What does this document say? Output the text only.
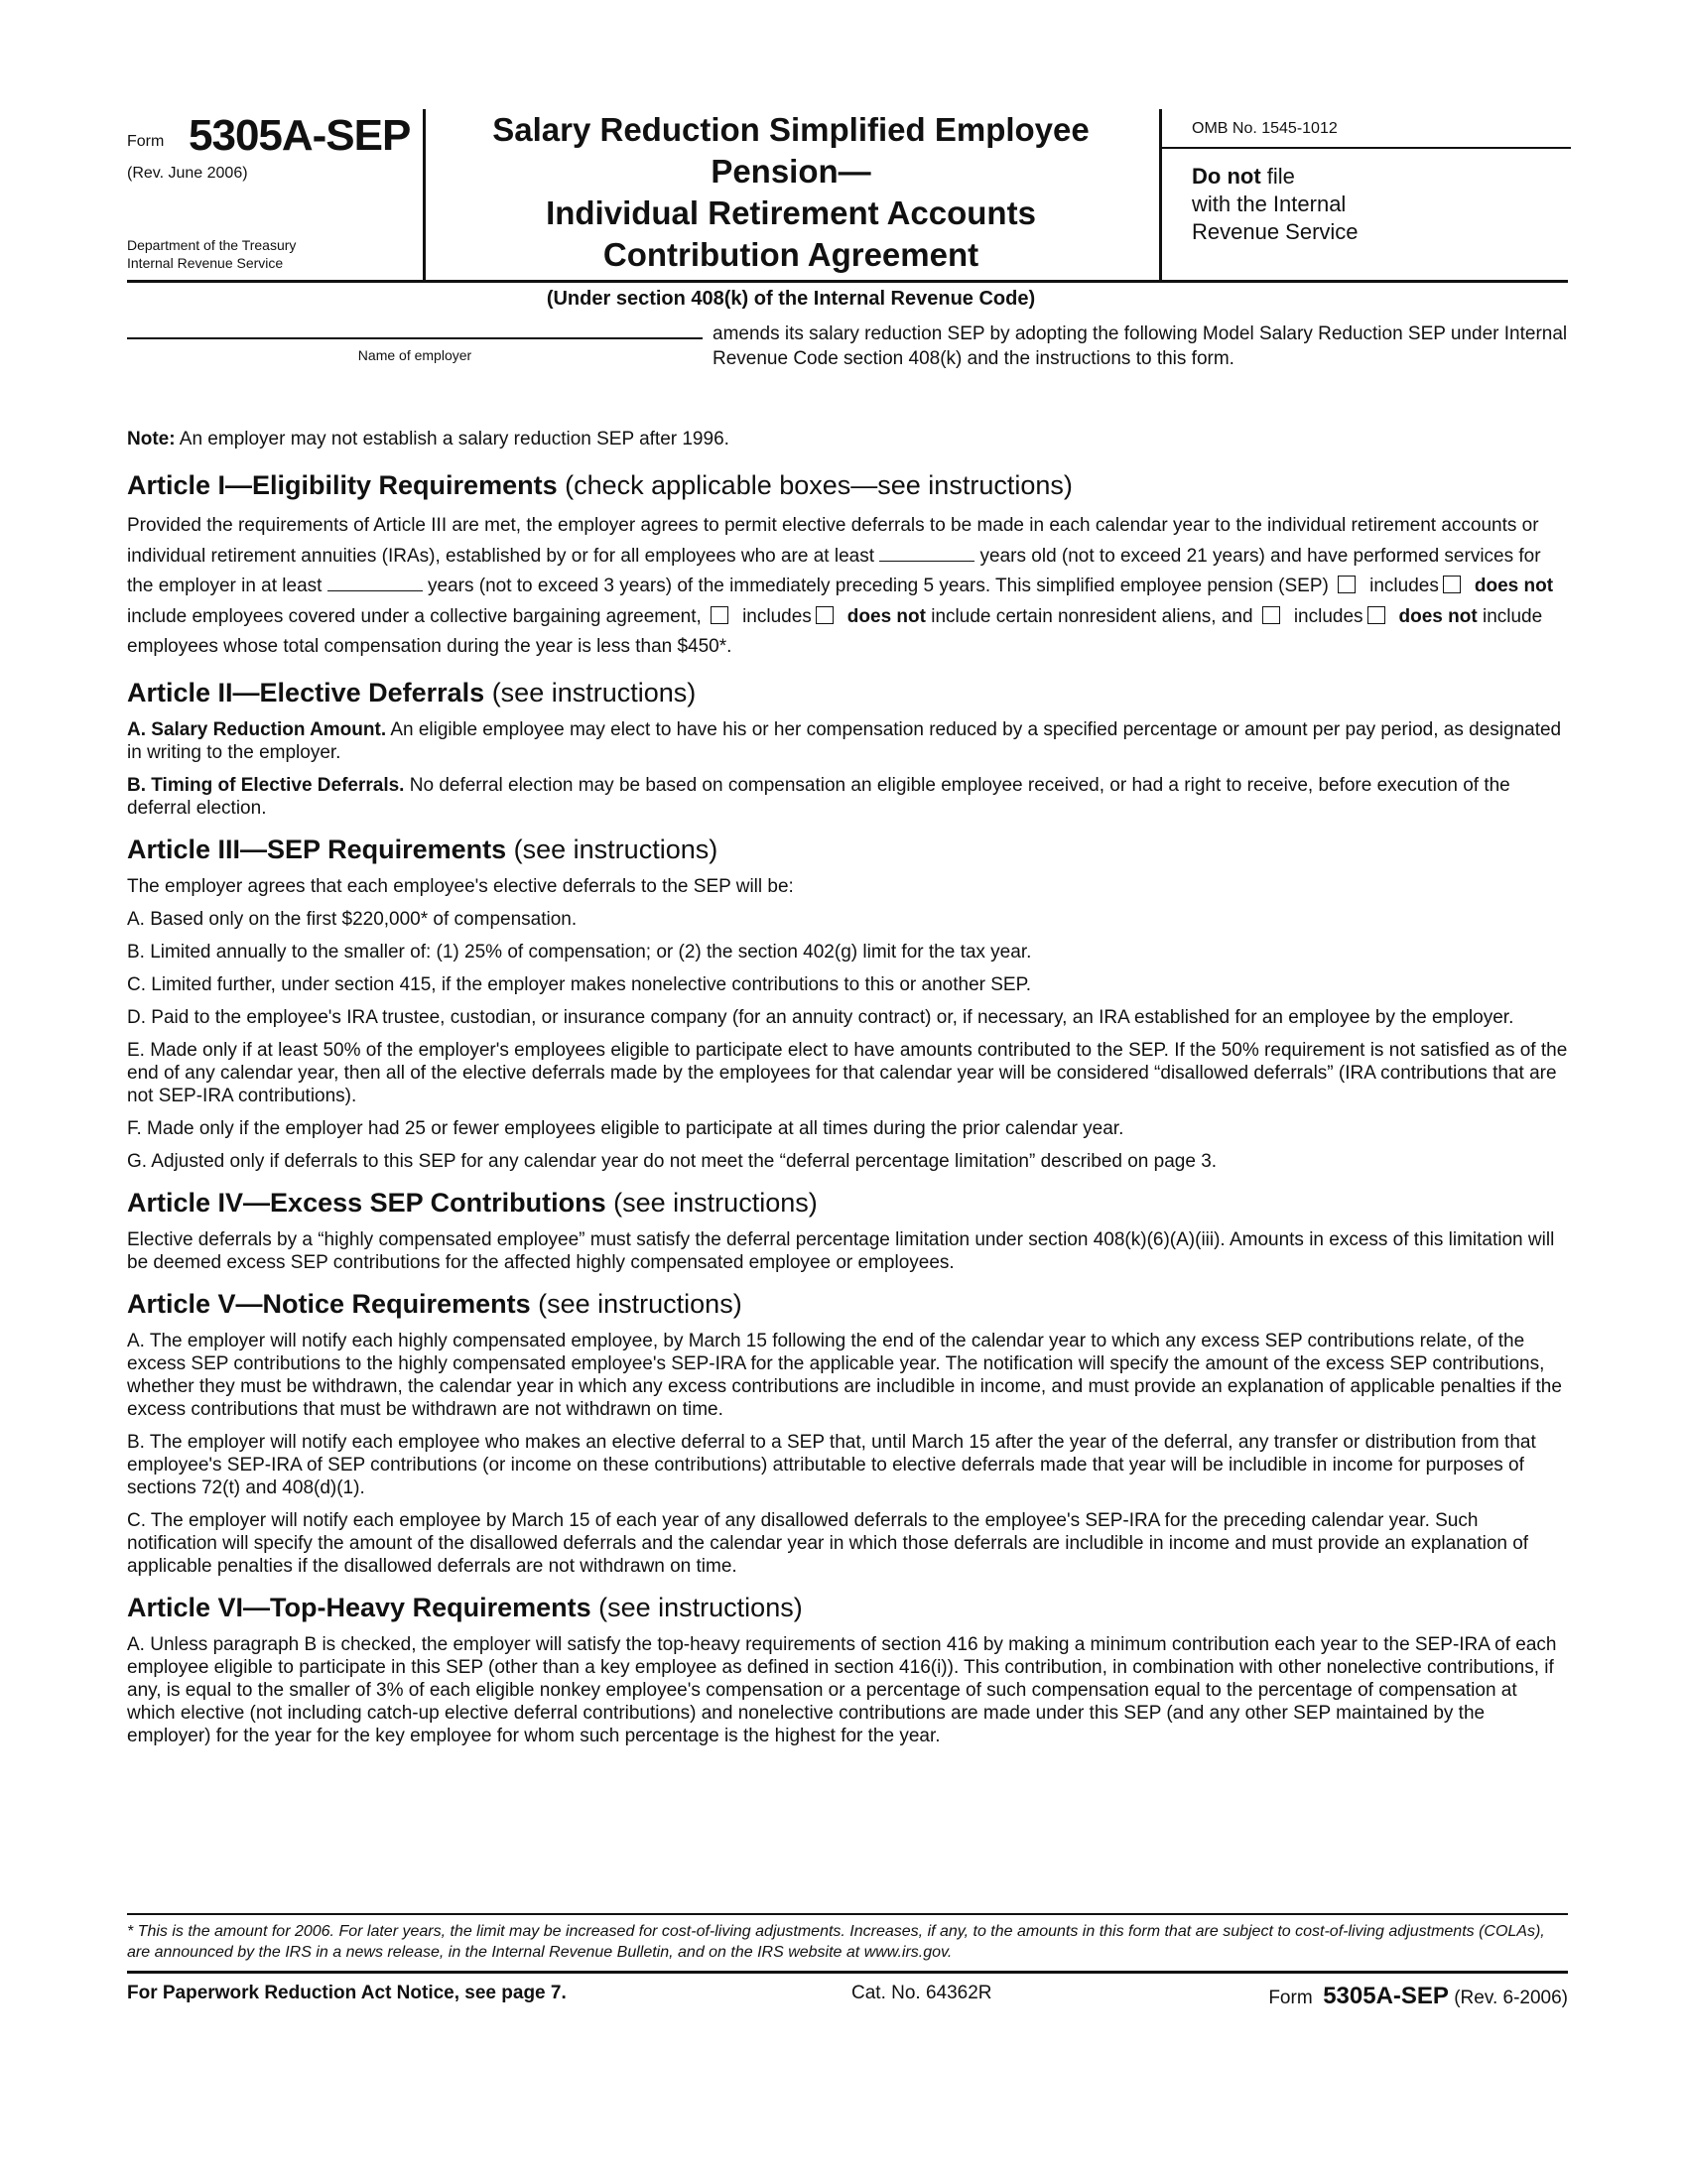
Form 5305A-SEP
(Rev. June 2006)
Department of the Treasury
Internal Revenue Service
Salary Reduction Simplified Employee Pension—
Individual Retirement Accounts
Contribution Agreement
(Under section 408(k) of the Internal Revenue Code)
OMB No. 1545-1012
Do not file
with the Internal
Revenue Service
Name of employer
amends its salary reduction SEP by adopting the following Model Salary Reduction SEP under Internal Revenue Code section 408(k) and the instructions to this form.

Note: An employer may not establish a salary reduction SEP after 1996.

Article I—Eligibility Requirements (check applicable boxes—see instructions)

Provided the requirements of Article III are met, the employer agrees to permit elective deferrals to be made in each calendar year to the individual retirement accounts or individual retirement annuities (IRAs), established by or for all employees who are at least	years old (not to exceed 21 years) and have performed services for the employer in at least	years (not to exceed 3 years) of the immediately preceding 5 years. This simplified employee pension (SEP) includes does not include employees covered under a collective bargaining agreement, includes does not include certain nonresident aliens, and includes does not include employees whose total compensation during the year is less than $450*.

Article II—Elective Deferrals (see instructions)

A. Salary Reduction Amount. An eligible employee may elect to have his or her compensation reduced by a specified percentage or amount per pay period, as designated in writing to the employer.

B. Timing of Elective Deferrals. No deferral election may be based on compensation an eligible employee received, or had a right to receive, before execution of the deferral election.

Article III—SEP Requirements (see instructions)

The employer agrees that each employee's elective deferrals to the SEP will be:

A. Based only on the first $220,000* of compensation.

B. Limited annually to the smaller of: (1) 25% of compensation; or (2) the section 402(g) limit for the tax year.

C. Limited further, under section 415, if the employer makes nonelective contributions to this or another SEP.

D. Paid to the employee's IRA trustee, custodian, or insurance company (for an annuity contract) or, if necessary, an IRA established for an employee by the employer.

E. Made only if at least 50% of the employer's employees eligible to participate elect to have amounts contributed to the SEP. If the 50% requirement is not satisfied as of the end of any calendar year, then all of the elective deferrals made by the employees for that calendar year will be considered “disallowed deferrals” (IRA contributions that are not SEP-IRA contributions).

F. Made only if the employer had 25 or fewer employees eligible to participate at all times during the prior calendar year.

G. Adjusted only if deferrals to this SEP for any calendar year do not meet the “deferral percentage limitation” described on page 3.

Article IV—Excess SEP Contributions (see instructions)

Elective deferrals by a “highly compensated employee” must satisfy the deferral percentage limitation under section 408(k)(6)(A)(iii). Amounts in excess of this limitation will be deemed excess SEP contributions for the affected highly compensated employee or employees.

Article V—Notice Requirements (see instructions)

A. The employer will notify each highly compensated employee, by March 15 following the end of the calendar year to which any excess SEP contributions relate, of the excess SEP contributions to the highly compensated employee's SEP-IRA for the applicable year. The notification will specify the amount of the excess SEP contributions, whether they must be withdrawn, the calendar year in which any excess contributions are includible in income, and must provide an explanation of applicable penalties if the excess contributions that must be withdrawn are not withdrawn on time.

B. The employer will notify each employee who makes an elective deferral to a SEP that, until March 15 after the year of the deferral, any transfer or distribution from that employee's SEP-IRA of SEP contributions (or income on these contributions) attributable to elective deferrals made that year will be includible in income for purposes of sections 72(t) and 408(d)(1).

C. The employer will notify each employee by March 15 of each year of any disallowed deferrals to the employee's SEP-IRA for the preceding calendar year. Such notification will specify the amount of the disallowed deferrals and the calendar year in which those deferrals are includible in income and must provide an explanation of applicable penalties if the disallowed deferrals are not withdrawn on time.

Article VI—Top-Heavy Requirements (see instructions)

A. Unless paragraph B is checked, the employer will satisfy the top-heavy requirements of section 416 by making a minimum contribution each year to the SEP-IRA of each employee eligible to participate in this SEP (other than a key employee as defined in section 416(i)). This contribution, in combination with other nonelective contributions, if any, is equal to the smaller of 3% of each eligible nonkey employee's compensation or a percentage of such compensation equal to the percentage of compensation at which elective (not including catch-up elective deferral contributions) and nonelective contributions are made under this SEP (and any other SEP maintained by the employer) for the year for the key employee for whom such percentage is the highest for the year.

* This is the amount for 2006. For later years, the limit may be increased for cost-of-living adjustments. Increases, if any, to the amounts in this form that are subject to cost-of-living adjustments (COLAs), are announced by the IRS in a news release, in the Internal Revenue Bulletin, and on the IRS website at www.irs.gov.
For Paperwork Reduction Act Notice, see page 7.	Cat. No. 64362R	Form 5305A-SEP (Rev. 6-2006)
